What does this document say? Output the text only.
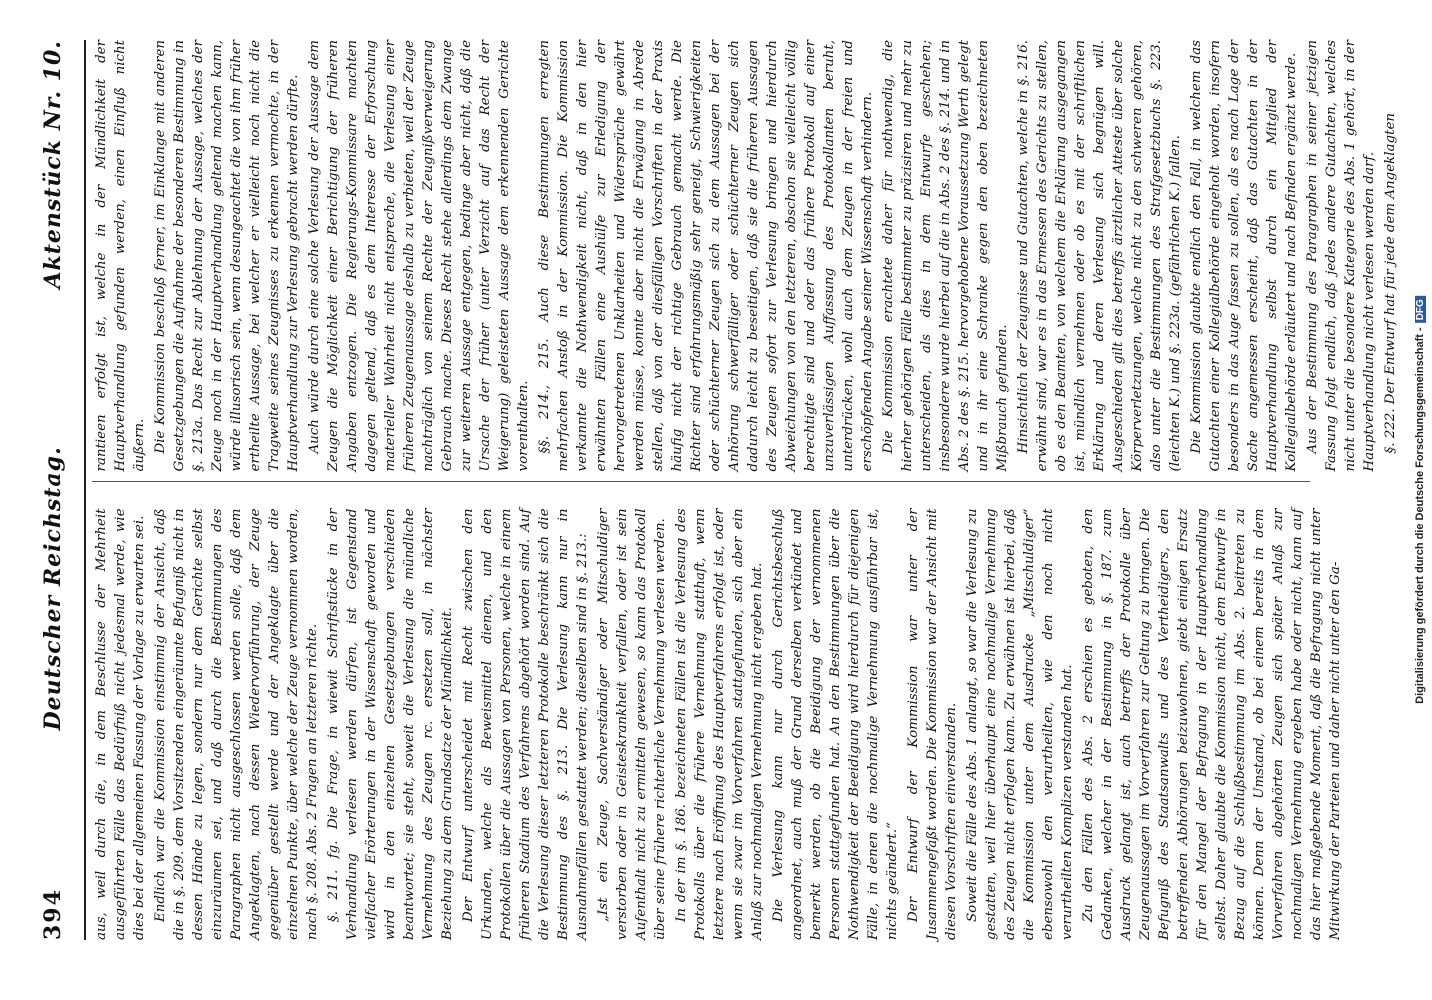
394
Deutscher Reichstag.
Aktenstück Nr. 10.

aus, weil durch die, in dem Beschlusse der Mehrheit ausgeführten Fälle das Bedürfniß nicht jedesmal werde, wie dies bei der allgemeinen Fassung der Vorlage zu erwarten sei. Endlich war die Kommission einstimmig der Ansicht, daß die in §. 209. dem Vorsitzenden eingeräumte Befugniß nicht in dessen Hände zu legen, sondern nur dem Gerichte selbst einzuräumen sei, und daß durch die Bestimmungen des Paragraphen nicht ausgeschlossen werden solle, daß dem Angeklagten, nach dessen Wiedervorführung, der Zeuge gegenüber gestellt werde und der Angeklagte über die einzelnen Punkte, über welche der Zeuge vernommen worden, nach §. 208. Abs. 2 Fragen an letzteren richte. §. 211. fg. Die Frage, in wiewit Schriftstücke in der Verhandlung verlesen werden dürfen, ist Gegenstand vielfacher Erörterungen in der Wissenschaft geworden und wird in den einzelnen Gesetzgebungen verschieden beantwortet; sie steht, soweit die Verlesung die mündliche Vernehmung des Zeugen rc. ersetzen soll, in nächster Beziehung zu dem Grundsatze der Mündlichkeit. Der Entwurf unterscheidet mit Recht zwischen den Urkunden, welche als Beweismittel dienen, und den Protokollen über die Aussagen von Personen, welche in einem früheren Stadium des Verfahrens abgehört worden sind. Auf die Verlesung dieser letzteren Protokolle beschränkt sich die Bestimmung des §. 213. Die Verlesung kann nur in Ausnahmefällen gestattet werden; dieselben sind in §. 213.: „Ist ein Zeuge, Sachverständiger oder Mitschuldiger verstorben oder in Geisteskrankheit verfallen, oder ist sein Aufenthalt nicht zu ermitteln gewesen, so kann das Protokoll über seine frühere richterliche Vernehmung verlesen werden. In der im §. 186. bezeichneten Fällen ist die Verlesung des Protokolls über die frühere Vernehmung statthaft, wenn letztere nach Eröffnung des Hauptverfahrens erfolgt ist, oder wenn sie zwar im Vorverfahren stattgefunden, sich aber ein Anlaß zur nochmaligen Vernehmung nicht ergeben hat. Die Verlesung kann nur durch Gerichtsbeschluß angeordnet, auch muß der Grund derselben verkündet und bemerkt werden, ob die Beeidigung der vernommenen Personen stattgefunden hat. An den Bestimmungen über die Nothwendigkeit der Beeidigung wird hierdurch für diejenigen Fälle, in denen die nochmalige Vernehmung ausführbar ist, nichts geändert.“ Der Entwurf der Kommission war unter der Jusammengefaßt worden. Die Kommission war der Ansicht mit diesen Vorschriften einverstanden. Soweit die Fälle des Abs. 1 anlangt, so war die Verlesung zu gestatten, weil hier überhaupt eine nochmalige Vernehmung des Zeugen nicht erfolgen kann. Zu erwähnen ist hierbei, daß die Kommission unter dem Ausdrucke „Mitschuldiger“ ebensowohl den verurtheilten, wie den noch nicht verurtheilten Komplizen verstanden hat. Zu den Fällen des Abs. 2 erschien es geboten, den Gedanken, welcher in der Bestimmung in §. 187. zum Ausdruck gelangt ist, auch betreffs der Protokolle über Zeugenaussagen im Vorverfahren zur Geltung zu bringen. Die Befugniß des Staatsanwalts und des Vertheidigers, den betreffenden Abhörungen beizuwohnen, giebt einigen Ersatz für den Mangel der Befragung in der Hauptverhandlung selbst. Daher glaubte die Kommission nicht, dem Entwurfe in Bezug auf die Schlußbestimmung im Abs. 2. beitreten zu können. Denn der Umstand, ob bei einem bereits in dem Vorverfahren abgehörten Zeugen sich später Anlaß zur nochmaligen Vernehmung ergeben habe oder nicht, kann auf das hier maßgebende Moment, daß die Befragung nicht unter Mitwirkung der Parteien und daher nicht unter den Ga-

rantieen erfolgt ist, welche in der Mündlichkeit der Hauptverhandlung gefunden werden, einen Einfluß nicht äußern. Die Kommission beschloß ferner, im Einklange mit anderen Gesetzgebungen die Aufnahme der besonderen Bestimmung in §. 213a. Das Recht zur Ablehnung der Aussage, welches der Zeuge noch in der Hauptverhandlung geltend machen kann, würde illusorisch sein, wenn desungeachtet die von ihm früher ertheilte Aussage, bei welcher er vielleicht noch nicht die Tragweite seines Zeugnisses zu erkennen vermochte, in der Hauptverhandlung zur Verlesung gebracht werden dürfte. Auch würde durch eine solche Verlesung der Aussage dem Zeugen die Möglichkeit einer Berichtigung der früheren Angaben entzogen. Die Regierungs-Kommissare machten dagegen geltend, daß es dem Interesse der Erforschung materieller Wahrheit nicht entspreche, die Verlesung einer früheren Zeugenaussage deshalb zu verbieten, weil der Zeuge nachträglich von seinem Rechte der Zeugnißverweigerung Gebrauch mache. Dieses Recht stehe allerdings dem Zwange zur weiteren Aussage entgegen, bedinge aber nicht, daß die Ursache der früher (unter Verzicht auf das Recht der Weigerung) geleisteten Aussage dem erkennenden Gerichte vorenthalten. §§. 214., 215. Auch diese Bestimmungen erregten mehrfachen Anstoß in der Kommission. Die Kommission verkannte die Nothwendigkeit nicht, daß in den hier erwähnten Fällen eine Aushülfe zur Erledigung der hervorgetretenen Unklarheiten und Widersprüche gewährt werden müsse, konnte aber nicht die Erwägung in Abrede stellen, daß von der diesfälligen Vorschriften in der Praxis häufig nicht der richtige Gebrauch gemacht werde. Die Richter sind erfahrungsmäßig sehr geneigt, Schwierigkeiten oder schüchterner Zeugen sich zu dem Aussagen bei der Anhörung schwerfälliger oder schüchterner Zeugen sich dadurch leicht zu beseitigen, daß sie die früheren Aussagen des Zeugen sofort zur Verlesung bringen und hierdurch Abweichungen von den letzteren, obschon sie vielleicht völlig berechtigte sind und oder das frühere Protokoll auf einer unzuverlässigen Auffassung des Protokollanten beruht, unterdrücken, wohl auch dem Zeugen in der freien und erschöpfenden Angabe seiner Wissenschaft verhindern. Die Kommission erachtete daher für nothwendig, die hierher gehörigen Fälle bestimmter zu präzisiren und mehr zu unterscheiden, als dies in dem Entwurfe geschehen; insbesondere wurde hierbei auf die in Abs. 2 des §. 214. und in Abs. 2 des §. 215. hervorgehobene Voraussetzung Werth gelegt und in ihr eine Schranke gegen den oben bezeichneten Mißbrauch gefunden. Hinsichtlich der Zeugnisse und Gutachten, welche in §. 216. erwähnt sind, war es in das Ermessen des Gerichts zu stellen, ob es den Beamten, von welchem die Erklärung ausgegangen ist, mündlich vernehmen oder ob es mit der schriftlichen Erklärung und deren Verlesung sich begnügen will. Ausgeschieden gilt dies betreffs ärztlicher Atteste über solche Körperverletzungen, welche nicht zu den schweren gehören, also unter die Bestimmungen des Strafgesetzbuchs §. 223. (leichten K.) und §. 223a. (gefährlichen K.) fallen. Die Kommission glaubte endlich den Fall, in welchem das Gutachten einer Kollegialbehörde eingeholt worden, insofern besonders in das Auge fassen zu sollen, als es nach Lage der Sache angemessen erscheint, daß das Gutachten in der Hauptverhandlung selbst durch ein Mitglied der Kollegialbehörde erläutert und nach Befinden ergänzt werde. Aus der Bestimmung des Paragraphen in seiner jetzigen Fassung folgt endlich, daß jedes andere Gutachten, welches nicht unter die besondere Kategorie des Abs. 1 gehört, in der Hauptverhandlung nicht verlesen werden darf. §. 222. Der Entwurf hat für jede dem Angeklagten

Digitalisierung gefördert durch die Deutsche Forschungsgemeinschaft -DFG
